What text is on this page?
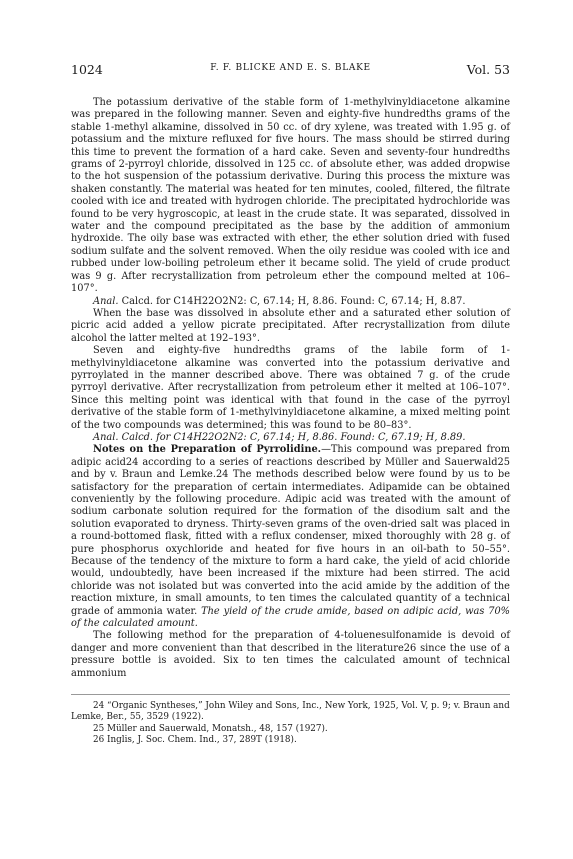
1024	F. F. BLICKE AND E. S. BLAKE	Vol. 53

The potassium derivative of the stable form of 1-methylvinyldiacetone alkamine was prepared in the following manner. Seven and eighty-five hundredths grams of the stable 1-methyl alkamine, dissolved in 50 cc. of dry xylene, was treated with 1.95 g. of potassium and the mixture refluxed for five hours. The mass should be stirred during this time to prevent the formation of a hard cake. Seven and seventy-four hundredths grams of 2-pyrroyl chloride, dissolved in 125 cc. of absolute ether, was added dropwise to the hot suspension of the potassium derivative. During this process the mixture was shaken constantly. The material was heated for ten minutes, cooled, filtered, the filtrate cooled with ice and treated with hydrogen chloride. The precipitated hydrochloride was found to be very hygroscopic, at least in the crude state. It was separated, dissolved in water and the compound precipitated as the base by the addition of ammonium hydroxide. The oily base was extracted with ether, the ether solution dried with fused sodium sulfate and the solvent removed. When the oily residue was cooled with ice and rubbed under low-boiling petroleum ether it became solid. The yield of crude product was 9 g. After recrystallization from petroleum ether the compound melted at 106–107°.

Anal. Calcd. for C14H22O2N2: C, 67.14; H, 8.86. Found: C, 67.14; H, 8.87.

When the base was dissolved in absolute ether and a saturated ether solution of picric acid added a yellow picrate precipitated. After recrystallization from dilute alcohol the latter melted at 192–193°.

Seven and eighty-five hundredths grams of the labile form of 1-methylvinyldiacetone alkamine was converted into the potassium derivative and pyrroylated in the manner described above. There was obtained 7 g. of the crude pyrroyl derivative. After recrystallization from petroleum ether it melted at 106–107°. Since this melting point was identical with that found in the case of the pyrroyl derivative of the stable form of 1-methylvinyldiacetone alkamine, a mixed melting point of the two compounds was determined; this was found to be 80–83°.

Anal. Calcd. for C14H22O2N2: C, 67.14; H, 8.86. Found: C, 67.19; H, 8.89.

Notes on the Preparation of Pyrrolidine.—This compound was prepared from adipic acid24 according to a series of reactions described by Müller and Sauerwald25 and by v. Braun and Lemke.24 The methods described below were found by us to be satisfactory for the preparation of certain intermediates. Adipamide can be obtained conveniently by the following procedure. Adipic acid was treated with the amount of sodium carbonate solution required for the formation of the disodium salt and the solution evaporated to dryness. Thirty-seven grams of the oven-dried salt was placed in a round-bottomed flask, fitted with a reflux condenser, mixed thoroughly with 28 g. of pure phosphorus oxychloride and heated for five hours in an oil-bath to 50–55°. Because of the tendency of the mixture to form a hard cake, the yield of acid chloride would, undoubtedly, have been increased if the mixture had been stirred. The acid chloride was not isolated but was converted into the acid amide by the addition of the reaction mixture, in small amounts, to ten times the calculated quantity of a technical grade of ammonia water. The yield of the crude amide, based on adipic acid, was 70% of the calculated amount.

The following method for the preparation of 4-toluenesulfonamide is devoid of danger and more convenient than that described in the literature26 since the use of a pressure bottle is avoided. Six to ten times the calculated amount of technical ammonium

24 “Organic Syntheses,” John Wiley and Sons, Inc., New York, 1925, Vol. V, p. 9; v. Braun and Lemke, Ber., 55, 3529 (1922).

25 Müller and Sauerwald, Monatsh., 48, 157 (1927).

26 Inglis, J. Soc. Chem. Ind., 37, 289T (1918).
